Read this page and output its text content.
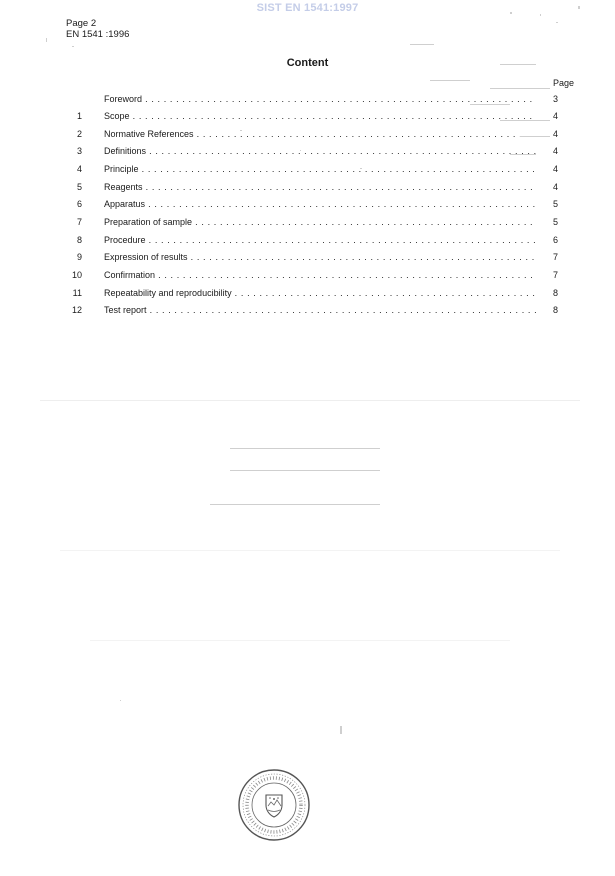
SIST EN 1541:1997
Page 2
EN 1541 :1996
Content
Page
Foreword . . .	3
1 Scope . . .	4
2 Normative References . . .	4
3 Definitions . . .	4
4 Principle . . .	4
5 Reagents . . .	4
6 Apparatus . . .	5
7 Preparation of sample . . .	5
8 Procedure . . .	6
9 Expression of results . . .	7
10 Confirmation . . .	7
11 Repeatability and reproducibility . . .	8
12 Test report . . .	8
